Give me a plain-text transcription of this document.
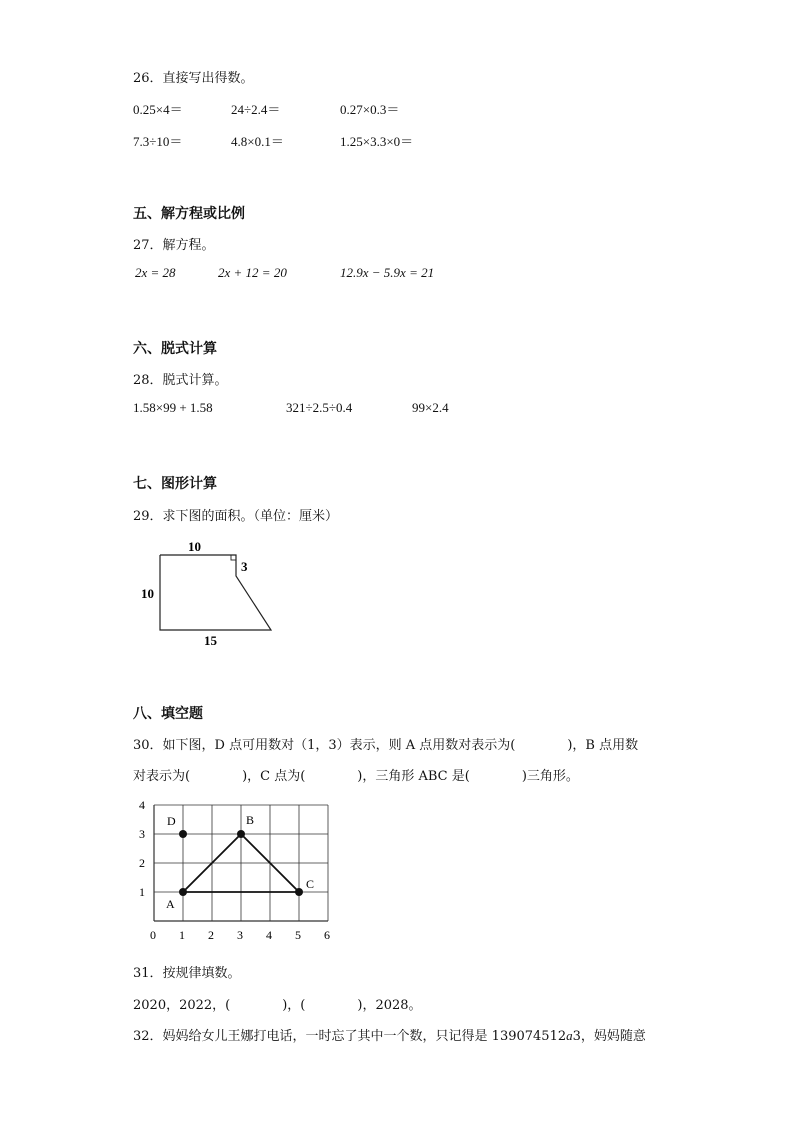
26．直接写出得数。
0.25×4＝	24÷2.4＝	0.27×0.3＝
7.3÷10＝	4.8×0.1＝	1.25×3.3×0＝
五、解方程或比例
27．解方程。
2x = 28	2x + 12 = 20	12.9x − 5.9x = 21
六、脱式计算
28．脱式计算。
1.58×99 + 1.58	321÷2.5÷0.4	99×2.4
七、图形计算
29．求下图的面积。（单位：厘米）
10
10
3
15
八、填空题
30．如下图，D 点可用数对（1，3）表示，则 A 点用数对表示为(　　　　)，B 点用数
对表示为(　　　　)，C 点为(　　　　)，三角形 ABC 是(　　　　)三角形。
0 1 2 3 4 5 6
1
2
3
4
D	B
A
C
31．按规律填数。
2020，2022，(　　　　)，(　　　　)，2028。
32．妈妈给女儿王娜打电话，一时忘了其中一个数，只记得是 139074512a3，妈妈随意
